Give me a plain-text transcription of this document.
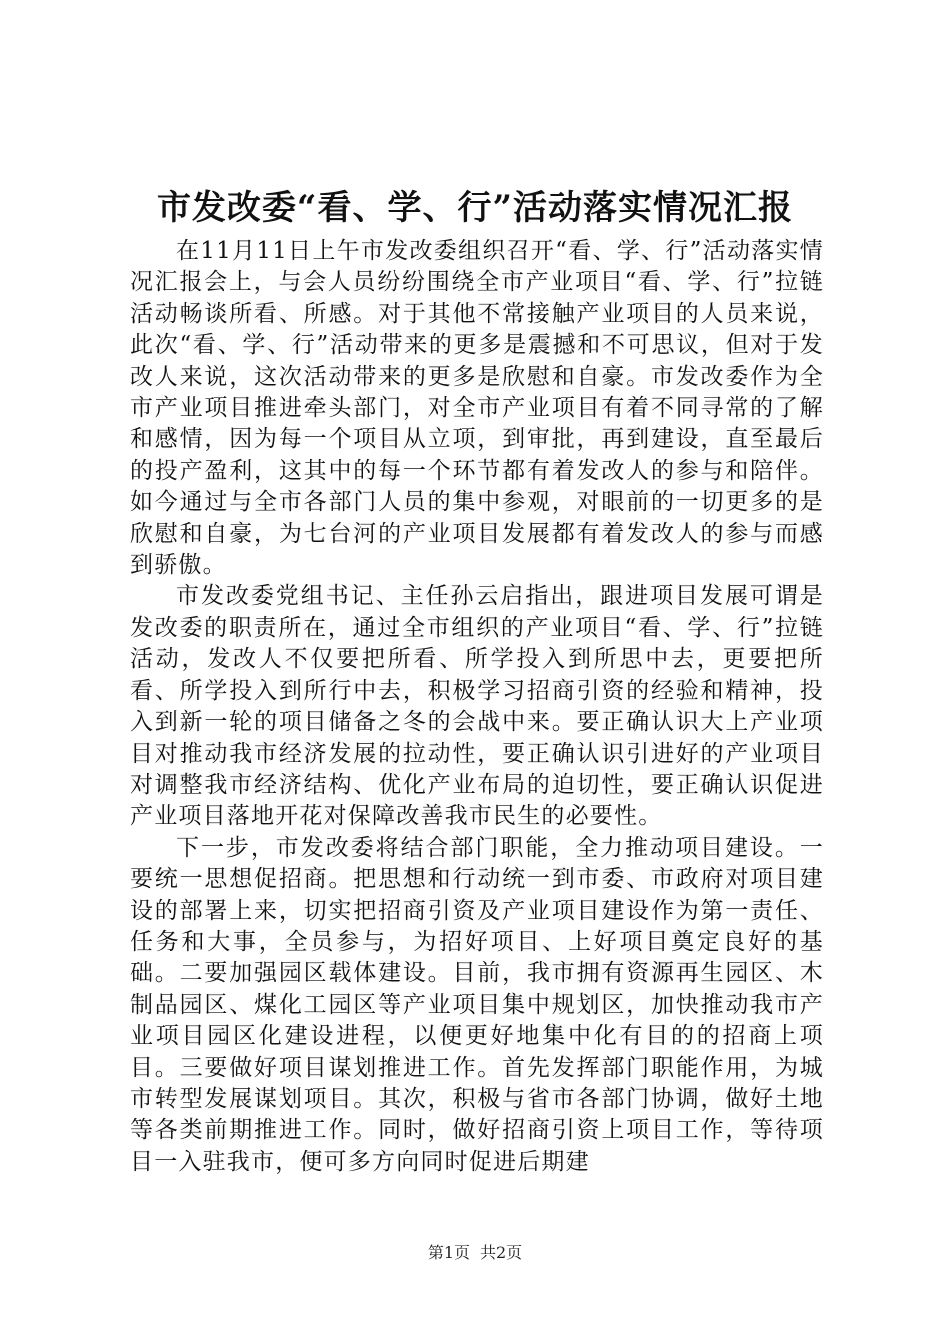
市发改委“看、学、行”活动落实情况汇报

在11月11日上午市发改委组织召开“看、学、行”活动落实情况汇报会上，与会人员纷纷围绕全市产业项目“看、学、行”拉链活动畅谈所看、所感。对于其他不常接触产业项目的人员来说，此次“看、学、行”活动带来的更多是震撼和不可思议，但对于发改人来说，这次活动带来的更多是欣慰和自豪。市发改委作为全市产业项目推进牵头部门，对全市产业项目有着不同寻常的了解和感情，因为每一个项目从立项，到审批，再到建设，直至最后的投产盈利，这其中的每一个环节都有着发改人的参与和陪伴。如今通过与全市各部门人员的集中参观，对眼前的一切更多的是欣慰和自豪，为七台河的产业项目发展都有着发改人的参与而感到骄傲。

市发改委党组书记、主任孙云启指出，跟进项目发展可谓是发改委的职责所在，通过全市组织的产业项目“看、学、行”拉链活动，发改人不仅要把所看、所学投入到所思中去，更要把所看、所学投入到所行中去，积极学习招商引资的经验和精神，投入到新一轮的项目储备之冬的会战中来。要正确认识大上产业项目对推动我市经济发展的拉动性，要正确认识引进好的产业项目对调整我市经济结构、优化产业布局的迫切性，要正确认识促进产业项目落地开花对保障改善我市民生的必要性。

下一步，市发改委将结合部门职能，全力推动项目建设。一要统一思想促招商。把思想和行动统一到市委、市政府对项目建设的部署上来，切实把招商引资及产业项目建设作为第一责任、任务和大事，全员参与，为招好项目、上好项目奠定良好的基础。二要加强园区载体建设。目前，我市拥有资源再生园区、木制品园区、煤化工园区等产业项目集中规划区，加快推动我市产业项目园区化建设进程，以便更好地集中化有目的的招商上项目。三要做好项目谋划推进工作。首先发挥部门职能作用，为城市转型发展谋划项目。其次，积极与省市各部门协调，做好土地等各类前期推进工作。同时，做好招商引资上项目工作，等待项目一入驻我市，便可多方向同时促进后期建

第1页 共2页
